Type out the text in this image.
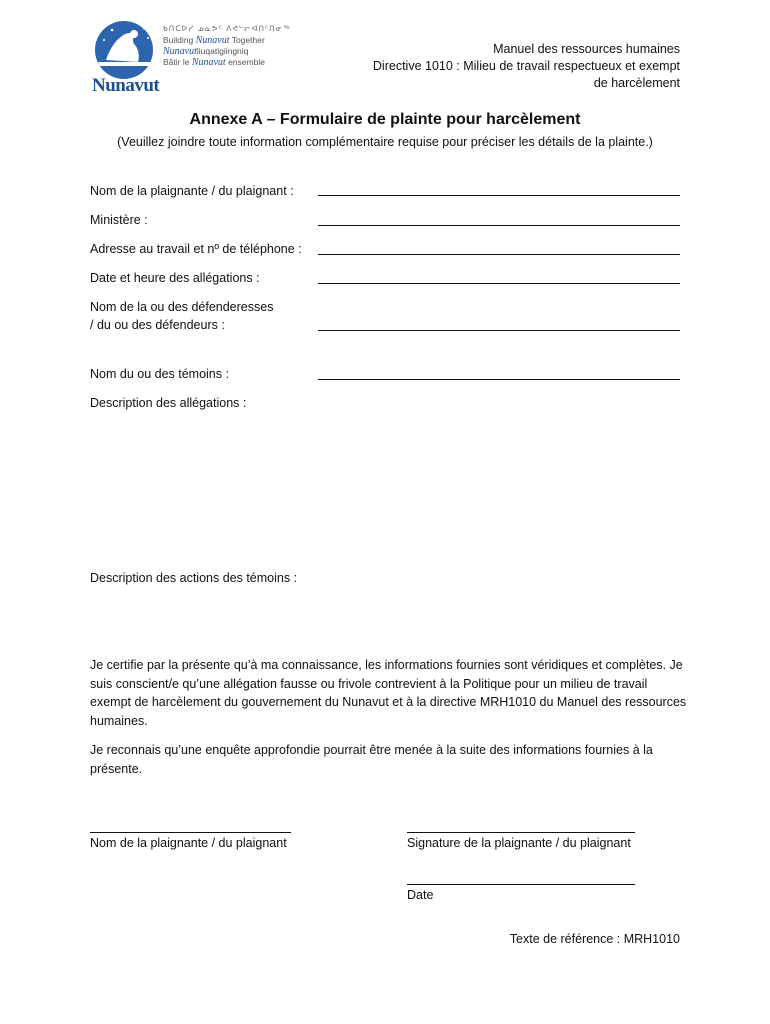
Nunavut
ᑲᑎᑕᐅᓯ ᓄᓇᕗᑦ ᐱᕙᓪᓕᐊᑎᑦᑎᓂᖅ
Building Nunavut Together
Nunavutliuqatigiingniq
Bâtir le Nunavut ensemble
Manuel des ressources humaines
Directive 1010 : Milieu de travail respectueux et exempt
de harcèlement
Annexe A – Formulaire de plainte pour harcèlement
(Veuillez joindre toute information complémentaire requise pour préciser les détails de la plainte.)
Nom de la plaignante / du plaignant :
Ministère :
Adresse au travail et nº de téléphone :
Date et heure des allégations :
Nom de la ou des défenderesses
/ du ou des défendeurs :
Nom du ou des témoins :
Description des allégations :
Description des actions des témoins :
Je certifie par la présente qu’à ma connaissance, les informations fournies sont véridiques et complètes. Je suis conscient/e qu’une allégation fausse ou frivole contrevient à la Politique pour un milieu de travail exempt de harcèlement du gouvernement du Nunavut et à la directive MRH1010 du Manuel des ressources humaines.
Je reconnais qu’une enquête approfondie pourrait être menée à la suite des informations fournies à la présente.
Nom de la plaignante / du plaignant	Signature de la plaignante / du plaignant
Date
Texte de référence : MRH1010
